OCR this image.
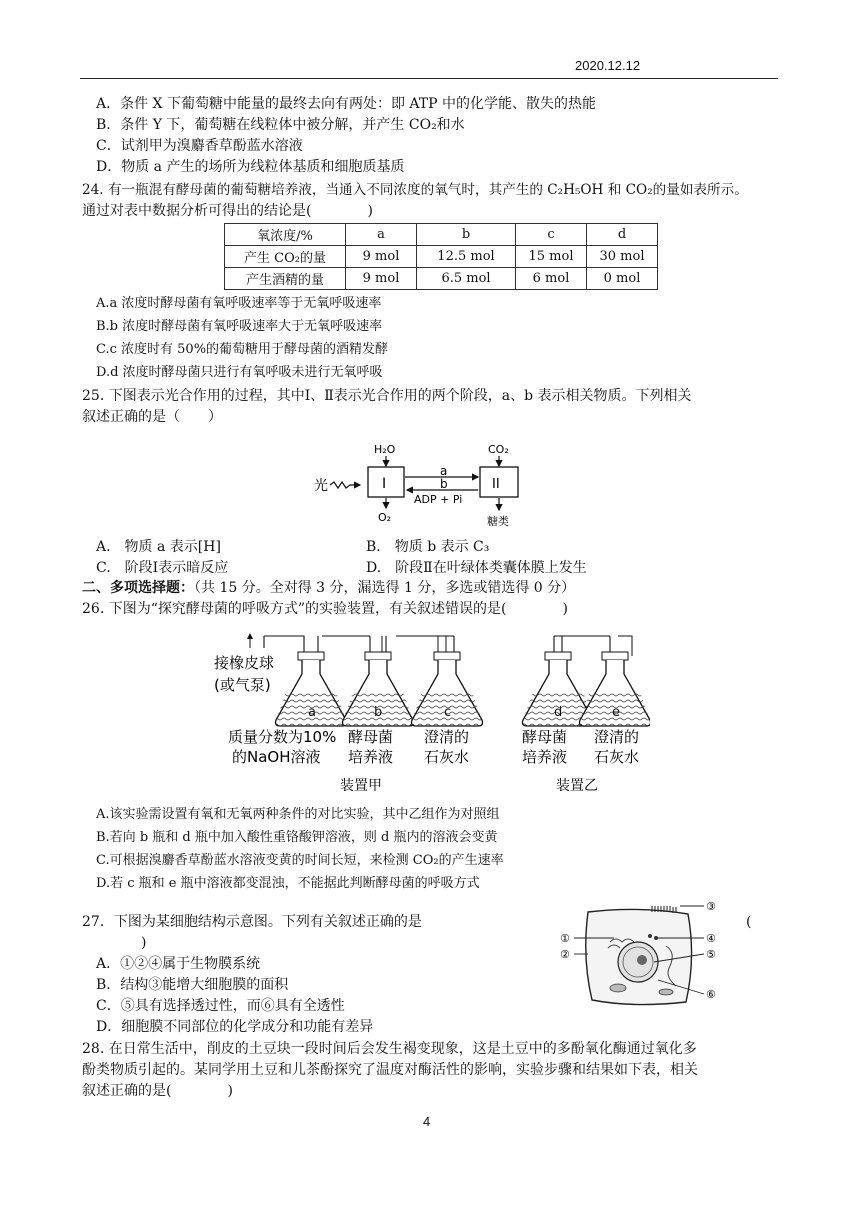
2020.12.12
A．条件 X 下葡萄糖中能量的最终去向有两处：即 ATP 中的化学能、散失的热能
B．条件 Y 下，葡萄糖在线粒体中被分解，并产生 CO₂和水
C．试剂甲为溴麝香草酚蓝水溶液
D．物质 a 产生的场所为线粒体基质和细胞质基质
24. 有一瓶混有酵母菌的葡萄糖培养液，当通入不同浓度的氧气时，其产生的 C₂H₅OH 和 CO₂的量如表所示。
通过对表中数据分析可得出的结论是(　　　　)
氧浓度/%	a	b	c	d
产生 CO₂的量	9 mol	12.5 mol	15 mol	30 mol
产生酒精的量	9 mol	6.5 mol	6 mol	0 mol
A.a 浓度时酵母菌有氧呼吸速率等于无氧呼吸速率
B.b 浓度时酵母菌有氧呼吸速率大于无氧呼吸速率
C.c 浓度时有 50%的葡萄糖用于酵母菌的酒精发酵
D.d 浓度时酵母菌只进行有氧呼吸未进行无氧呼吸
25. 下图表示光合作用的过程，其中Ⅰ、Ⅱ表示光合作用的两个阶段，a、b 表示相关物质。下列相关
叙述正确的是（　　）
光	I
H₂O
O₂
a
b
ADP + Pi
II
CO₂
糖类
A.　物质 a 表示[H]	B.　物质 b 表示 C₃
C.　阶段Ⅰ表示暗反应	D.　阶段Ⅱ在叶绿体类囊体膜上发生
二、多项选择题：（共 15 分。全对得 3 分，漏选得 1 分，多选或错选得 0 分）
26. 下图为“探究酵母菌的呼吸方式”的实验装置，有关叙述错误的是(　　　　)
接橡皮球
(或气泵)
a	b	c	d	e
质量分数为10%
的NaOH溶液
酵母菌
培养液
澄清的
石灰水
酵母菌
培养液
澄清的
石灰水
装置甲	装置乙
A.该实验需设置有氧和无氧两种条件的对比实验，其中乙组作为对照组
B.若向 b 瓶和 d 瓶中加入酸性重铬酸钾溶液，则 d 瓶内的溶液会变黄
C.可根据溴麝香草酚蓝水溶液变黄的时间长短，来检测 CO₂的产生速率
D.若 c 瓶和 e 瓶中溶液都变混浊，不能据此判断酵母菌的呼吸方式
27．下图为某细胞结构示意图。下列有关叙述正确的是	(
)
A．①②④属于生物膜系统
B．结构③能增大细胞膜的面积
C．⑤具有选择透过性，而⑥具有全透性
D．细胞膜不同部位的化学成分和功能有差异
①
②
③
④
⑤
⑥
28. 在日常生活中，削皮的土豆块一段时间后会发生褐变现象，这是土豆中的多酚氧化酶通过氧化多
酚类物质引起的。某同学用土豆和儿茶酚探究了温度对酶活性的影响，实验步骤和结果如下表，相关
叙述正确的是(　　　　)
4
